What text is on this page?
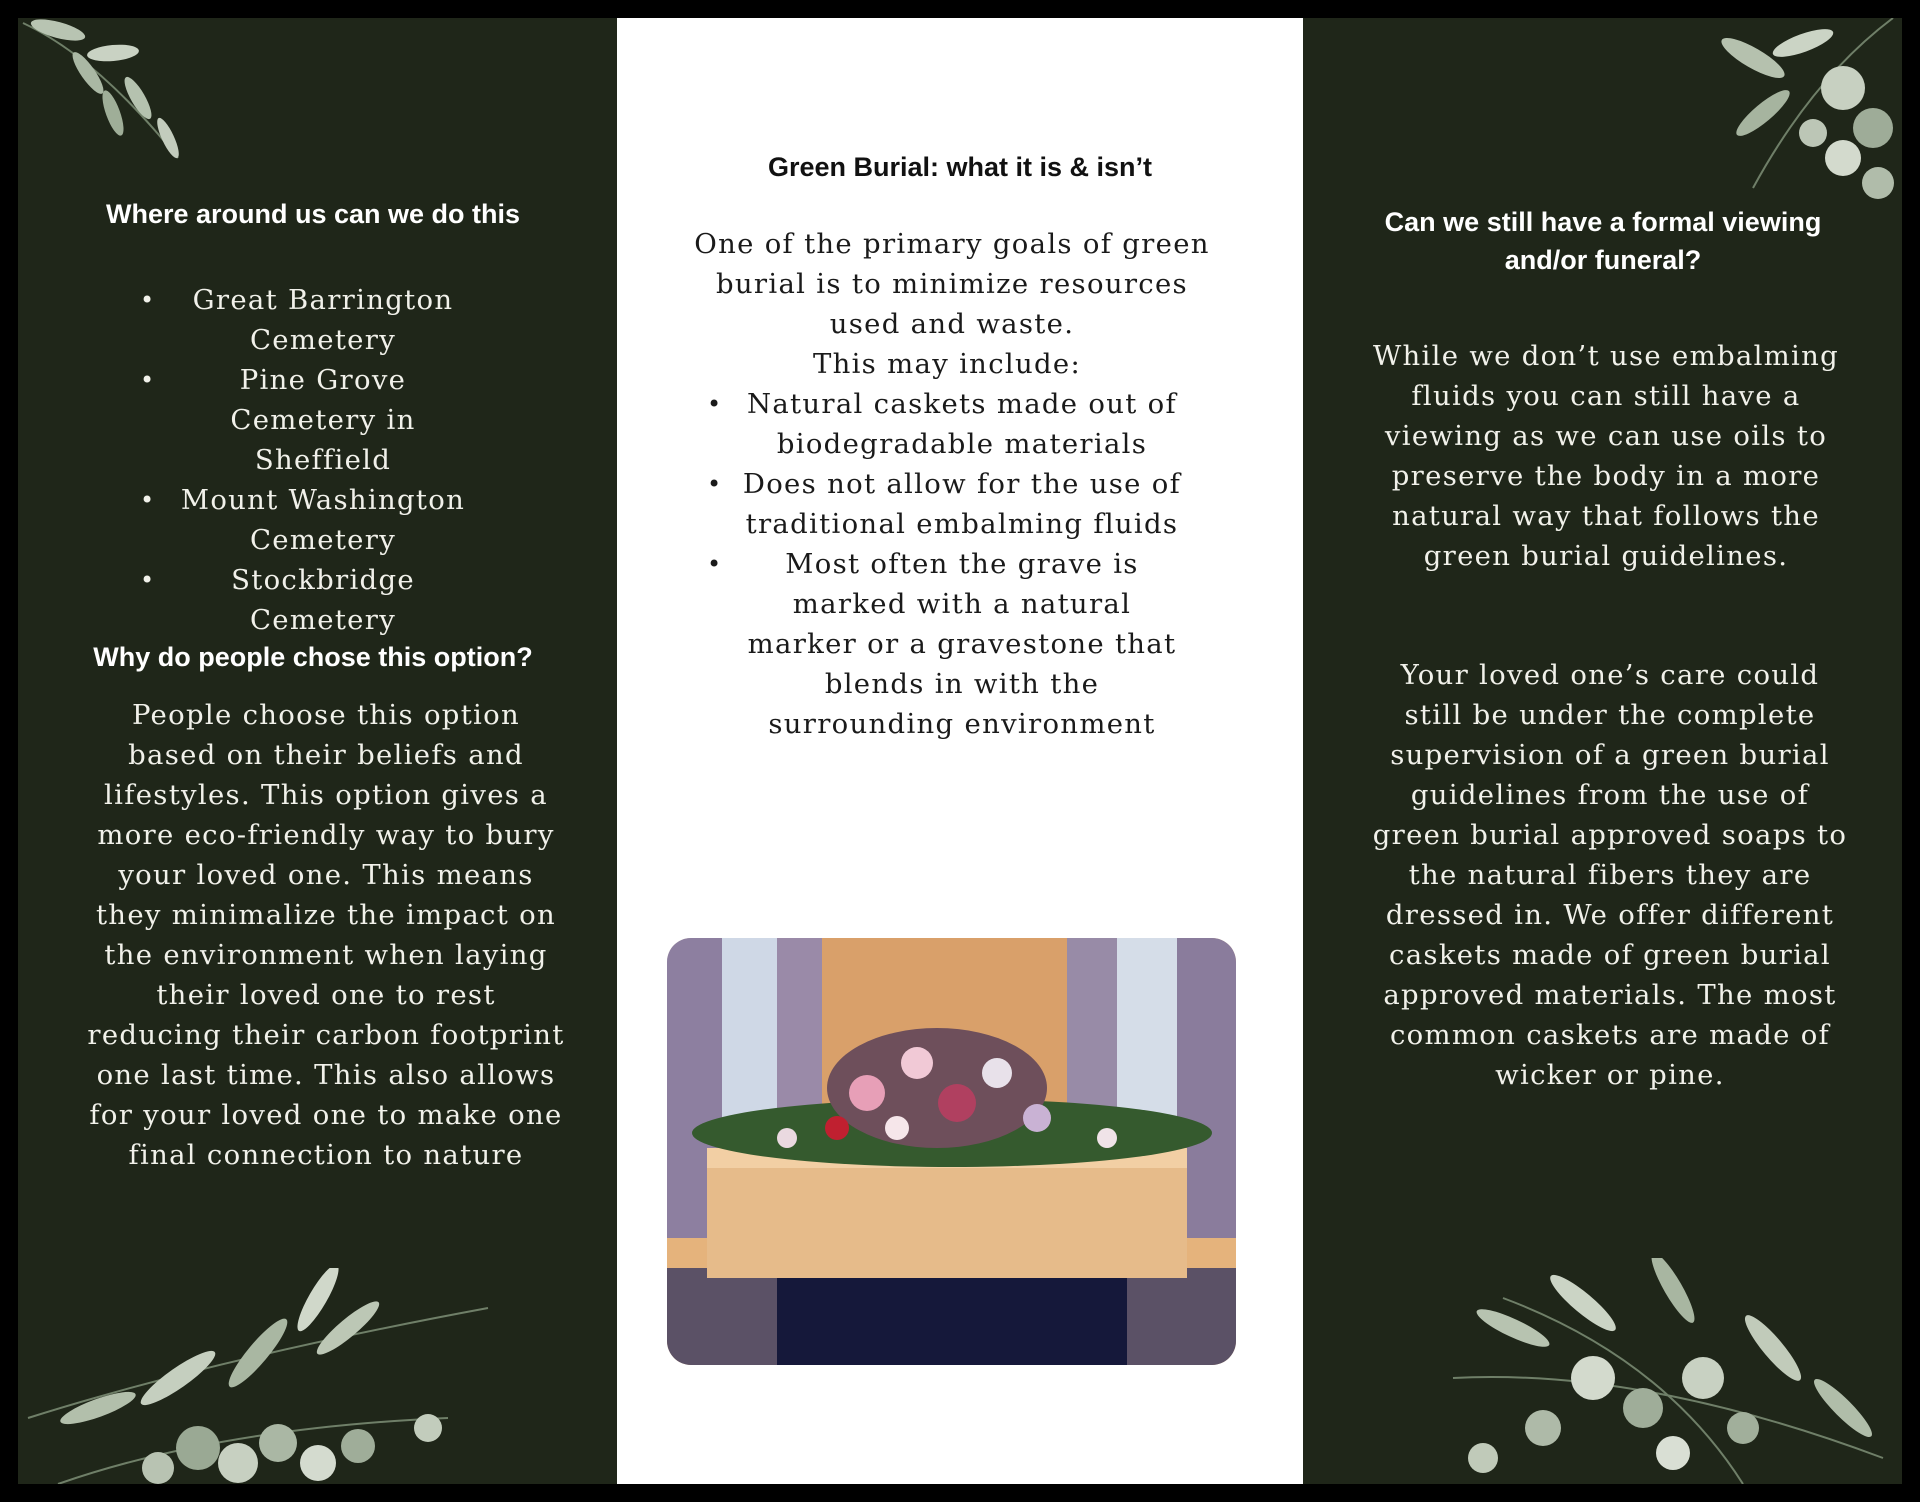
Where around us can we do this
• Great Barrington Cemetery
•	Pine Grove Cemetery in Sheffield
• Mount Washington Cemetery
•	Stockbridge Cemetery
Why do people chose this option?
People choose this option based on their beliefs and lifestyles. This option gives a more eco-friendly way to bury your loved one. This means they minimalize the impact on the environment when laying their loved one to rest reducing their carbon footprint one last time. This also allows for your loved one to make one final connection to nature
Green Burial: what it is & isn’t
One of the primary goals of green burial is to minimize resources used and waste.
This may include:
• Natural caskets made out of biodegradable materials
• Does not allow for the use of traditional embalming fluids
• Most often the grave is marked with a natural marker or a gravestone that blends in with the surrounding environment
Can we still have a formal viewing and/or funeral?
While we don’t use embalming fluids you can still have a viewing as we can use oils to preserve the body in a more natural way that follows the green burial guidelines.
Your loved one’s care could still be under the complete supervision of a green burial guidelines from the use of green burial approved soaps to the natural fibers they are dressed in. We offer different caskets made of green burial approved materials. The most common caskets are made of wicker or pine.
